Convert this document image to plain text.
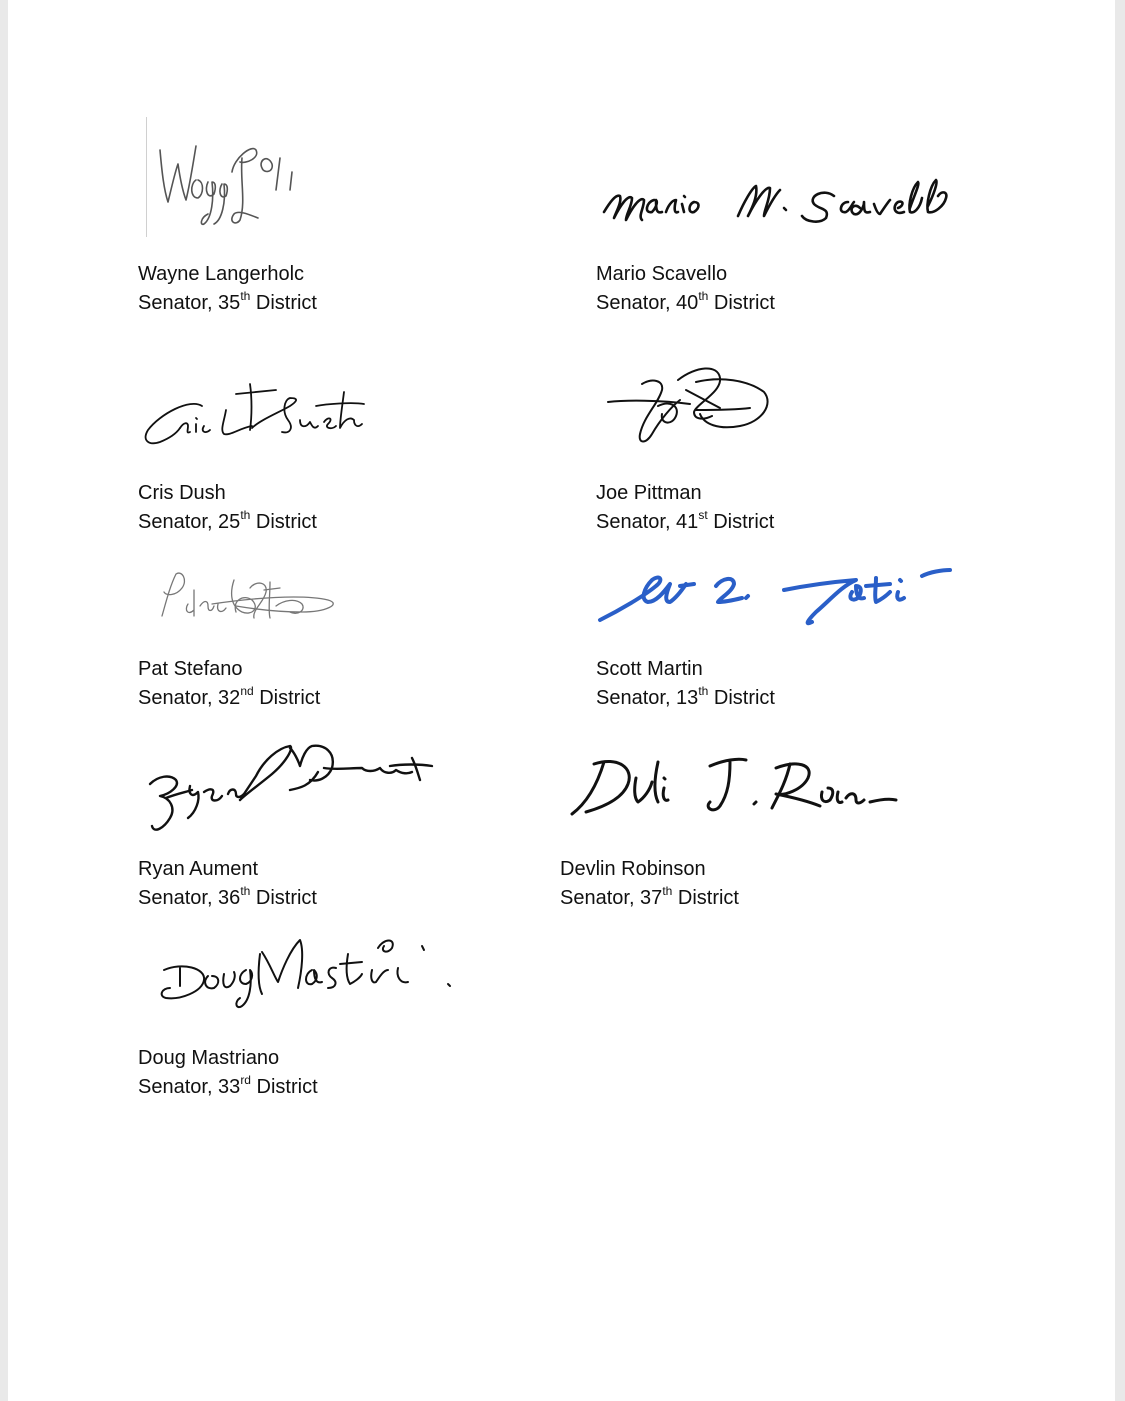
Wayne Langerholc
Senator, 35th District
Mario Scavello
Senator, 40th District
Cris Dush
Senator, 25th District
Joe Pittman
Senator, 41st District
Pat Stefano
Senator, 32nd District
Scott Martin
Senator, 13th District
Ryan Aument
Senator, 36th District
Devlin Robinson
Senator, 37th District
Doug Mastriano
Senator, 33rd District
